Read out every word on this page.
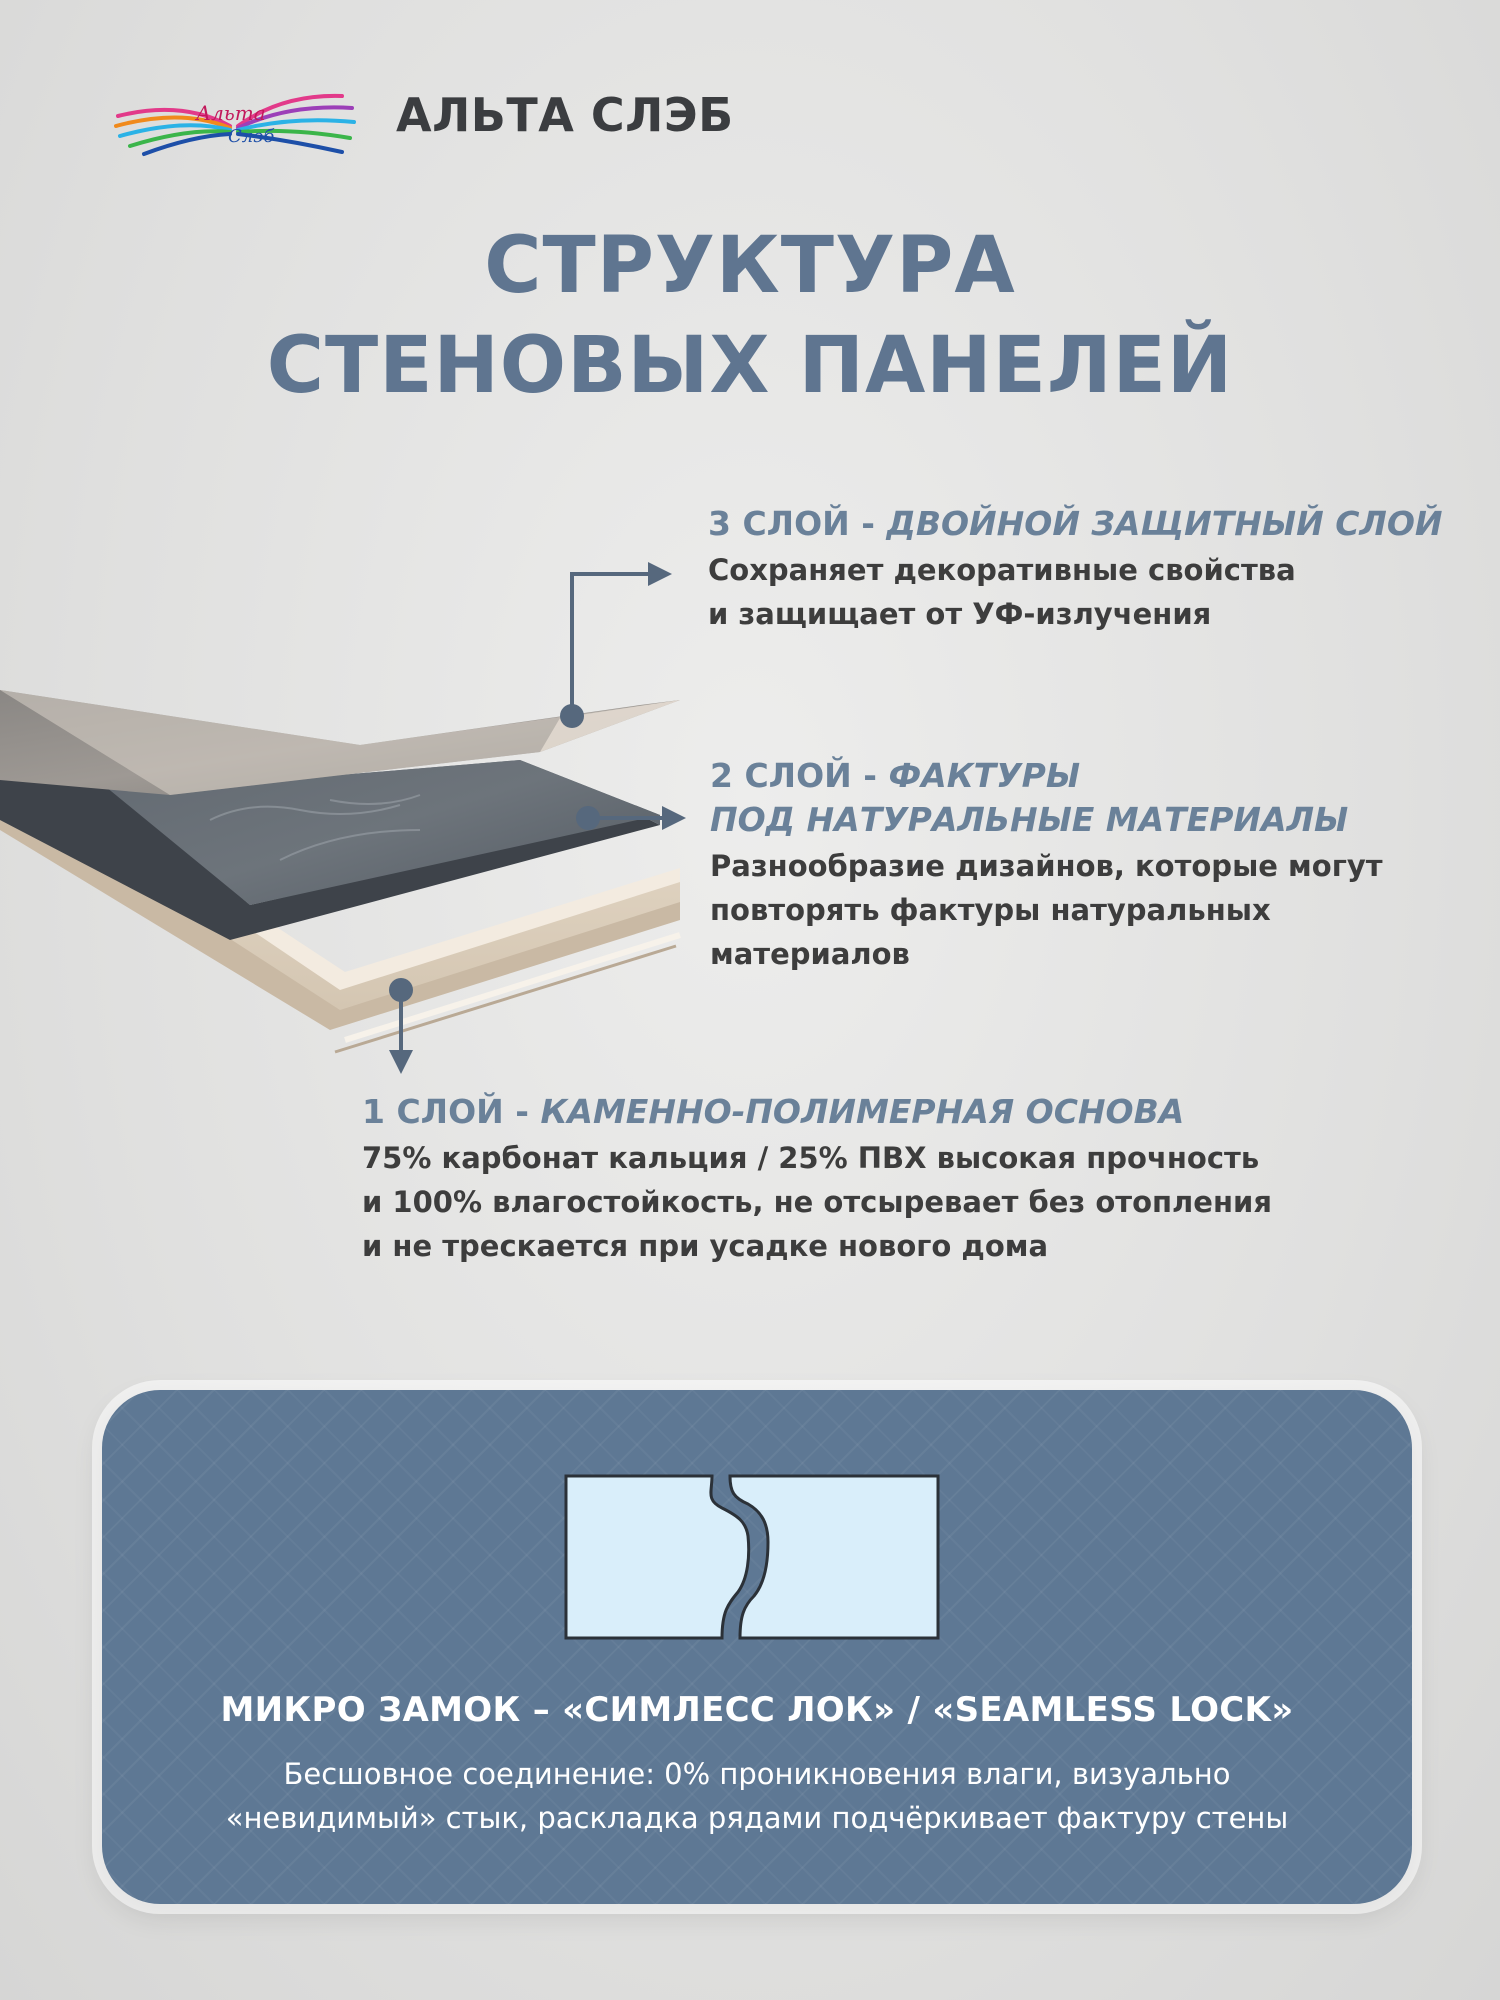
Альта
Слэб	АЛЬТА СЛЭБ
СТРУКТУРА
СТЕНОВЫХ ПАНЕЛЕЙ
3 СЛОЙ - ДВОЙНОЙ ЗАЩИТНЫЙ СЛОЙ
Сохраняет декоративные свойства
и защищает от УФ-излучения
2 СЛОЙ - ФАКТУРЫ
ПОД НАТУРАЛЬНЫЕ МАТЕРИАЛЫ
Разнообразие дизайнов, которые могут
повторять фактуры натуральных
материалов
1 СЛОЙ - КАМЕННО-ПОЛИМЕРНАЯ ОСНОВА
75% карбонат кальция / 25% ПВХ высокая прочность
и 100% влагостойкость, не отсыревает без отопления
и не трескается при усадке нового дома
МИКРО ЗАМОК – «СИМЛЕСС ЛОК» / «SEAMLESS LOCK»
Бесшовное соединение: 0% проникновения влаги, визуально
«невидимый» стык, раскладка рядами подчёркивает фактуру стены
